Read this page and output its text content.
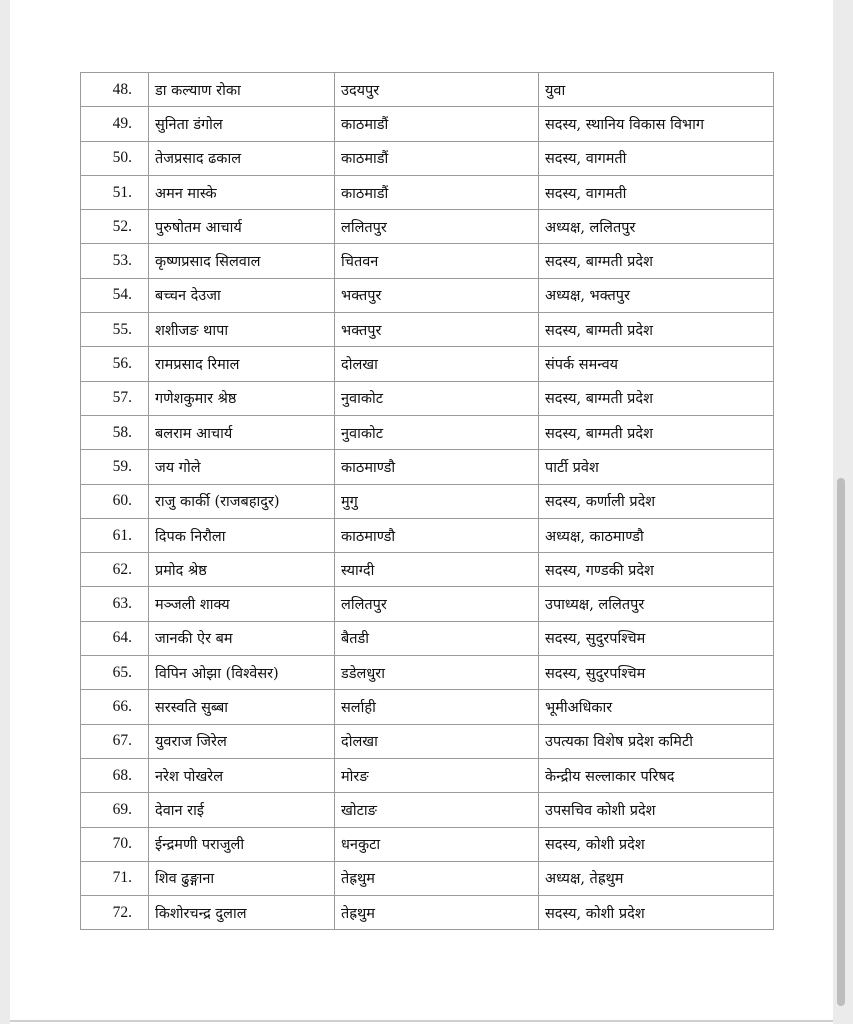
48.	डा कल्याण रोका	उदयपुर	युवा
49.	सुनिता डंगोल	काठमाडौं	सदस्य, स्थानिय विकास विभाग
50.	तेजप्रसाद ढकाल	काठमाडौं	सदस्य, वागमती
51.	अमन मास्के	काठमाडौं	सदस्य, वागमती
52.	पुरुषोतम आचार्य	ललितपुर	अध्यक्ष, ललितपुर
53.	कृष्णप्रसाद सिलवाल	चितवन	सदस्य, बाग्मती प्रदेश
54.	बच्चन देउजा	भक्तपुर	अध्यक्ष, भक्तपुर
55.	शशीजङ थापा	भक्तपुर	सदस्य, बाग्मती प्रदेश
56.	रामप्रसाद रिमाल	दोलखा	संपर्क समन्वय
57.	गणेशकुमार श्रेष्ठ	नुवाकोट	सदस्य, बाग्मती प्रदेश
58.	बलराम आचार्य	नुवाकोट	सदस्य, बाग्मती प्रदेश
59.	जय गोले	काठमाण्डौ	पार्टी प्रवेश
60.	राजु कार्की (राजबहादुर)	मुगु	सदस्य, कर्णाली प्रदेश
61.	दिपक निरौला	काठमाण्डौ	अध्यक्ष, काठमाण्डौ
62.	प्रमोद श्रेष्ठ	स्याग्दी	सदस्य, गण्डकी प्रदेश
63.	मञ्जली शाक्य	ललितपुर	उपाध्यक्ष, ललितपुर
64.	जानकी ऐर बम	बैतडी	सदस्य, सुदुरपश्चिम
65.	विपिन ओझा (विश्वेसर)	डडेलधुरा	सदस्य, सुदुरपश्चिम
66.	सरस्वति सुब्बा	सर्लाही	भूमीअधिकार
67.	युवराज जिरेल	दोलखा	उपत्यका विशेष प्रदेश कमिटी
68.	नरेश पोखरेल	मोरङ	केन्द्रीय सल्लाकार परिषद
69.	देवान राई	खोटाङ	उपसचिव कोशी प्रदेश
70.	ईन्द्रमणी पराजुली	धनकुटा	सदस्य, कोशी प्रदेश
71.	शिव ढुङ्गाना	तेह्रथुम	अध्यक्ष, तेह्रथुम
72.	किशोरचन्द्र दुलाल	तेह्रथुम	सदस्य, कोशी प्रदेश
